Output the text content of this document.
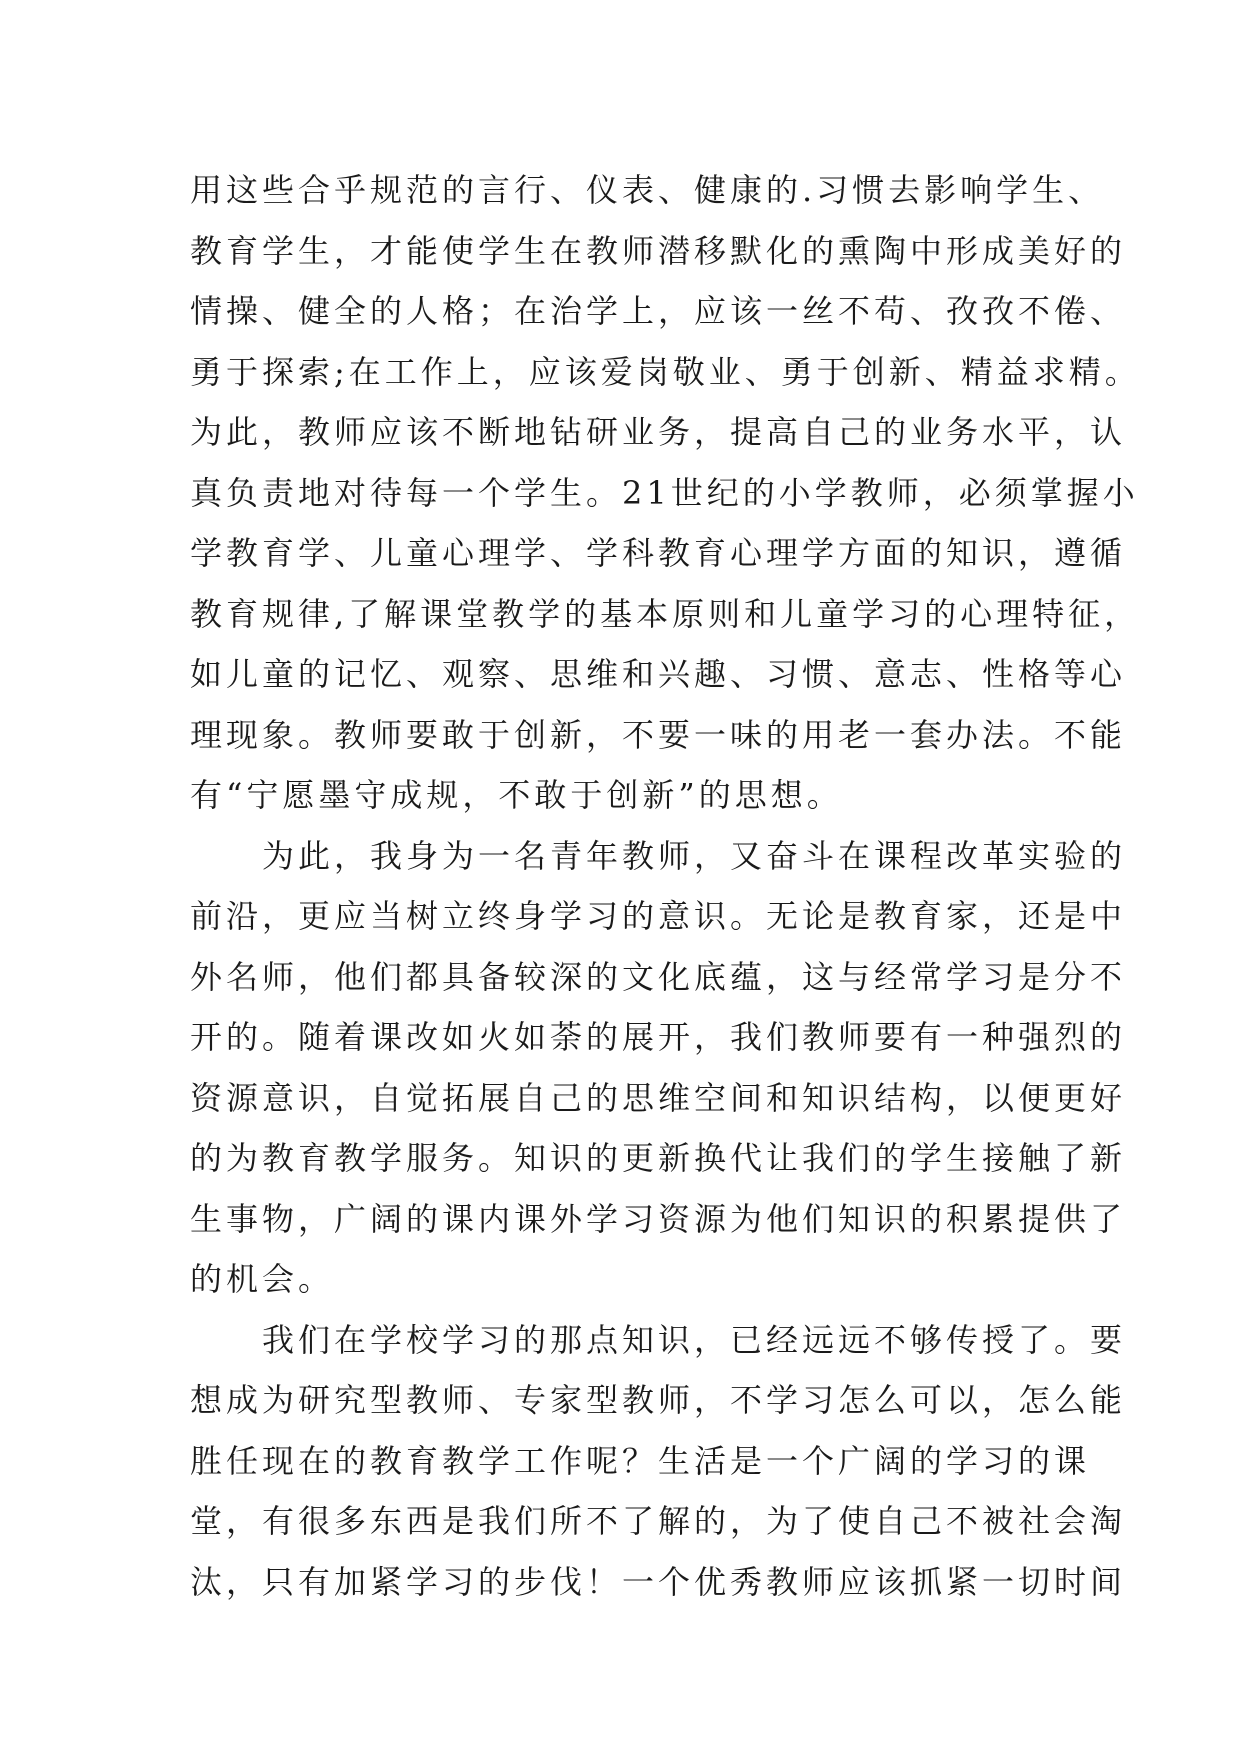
用这些合乎规范的言行、仪表、健康的.习惯去影响学生、
教育学生，才能使学生在教师潜移默化的熏陶中形成美好的
情操、健全的人格；在治学上，应该一丝不苟、孜孜不倦、
勇于探索;在工作上，应该爱岗敬业、勇于创新、精益求精。
为此，教师应该不断地钻研业务，提高自己的业务水平，认
真负责地对待每一个学生。21世纪的小学教师，必须掌握小
学教育学、儿童心理学、学科教育心理学方面的知识，遵循
教育规律,了解课堂教学的基本原则和儿童学习的心理特征，
如儿童的记忆、观察、思维和兴趣、习惯、意志、性格等心
理现象。教师要敢于创新，不要一味的用老一套办法。不能
有“宁愿墨守成规，不敢于创新”的思想。
　　为此，我身为一名青年教师，又奋斗在课程改革实验的
前沿，更应当树立终身学习的意识。无论是教育家，还是中
外名师，他们都具备较深的文化底蕴，这与经常学习是分不
开的。随着课改如火如荼的展开，我们教师要有一种强烈的
资源意识，自觉拓展自己的思维空间和知识结构，以便更好
的为教育教学服务。知识的更新换代让我们的学生接触了新
生事物，广阔的课内课外学习资源为他们知识的积累提供了
的机会。
　　我们在学校学习的那点知识，已经远远不够传授了。要
想成为研究型教师、专家型教师，不学习怎么可以，怎么能
胜任现在的教育教学工作呢？生活是一个广阔的学习的课
堂，有很多东西是我们所不了解的，为了使自己不被社会淘
汰，只有加紧学习的步伐！一个优秀教师应该抓紧一切时间
